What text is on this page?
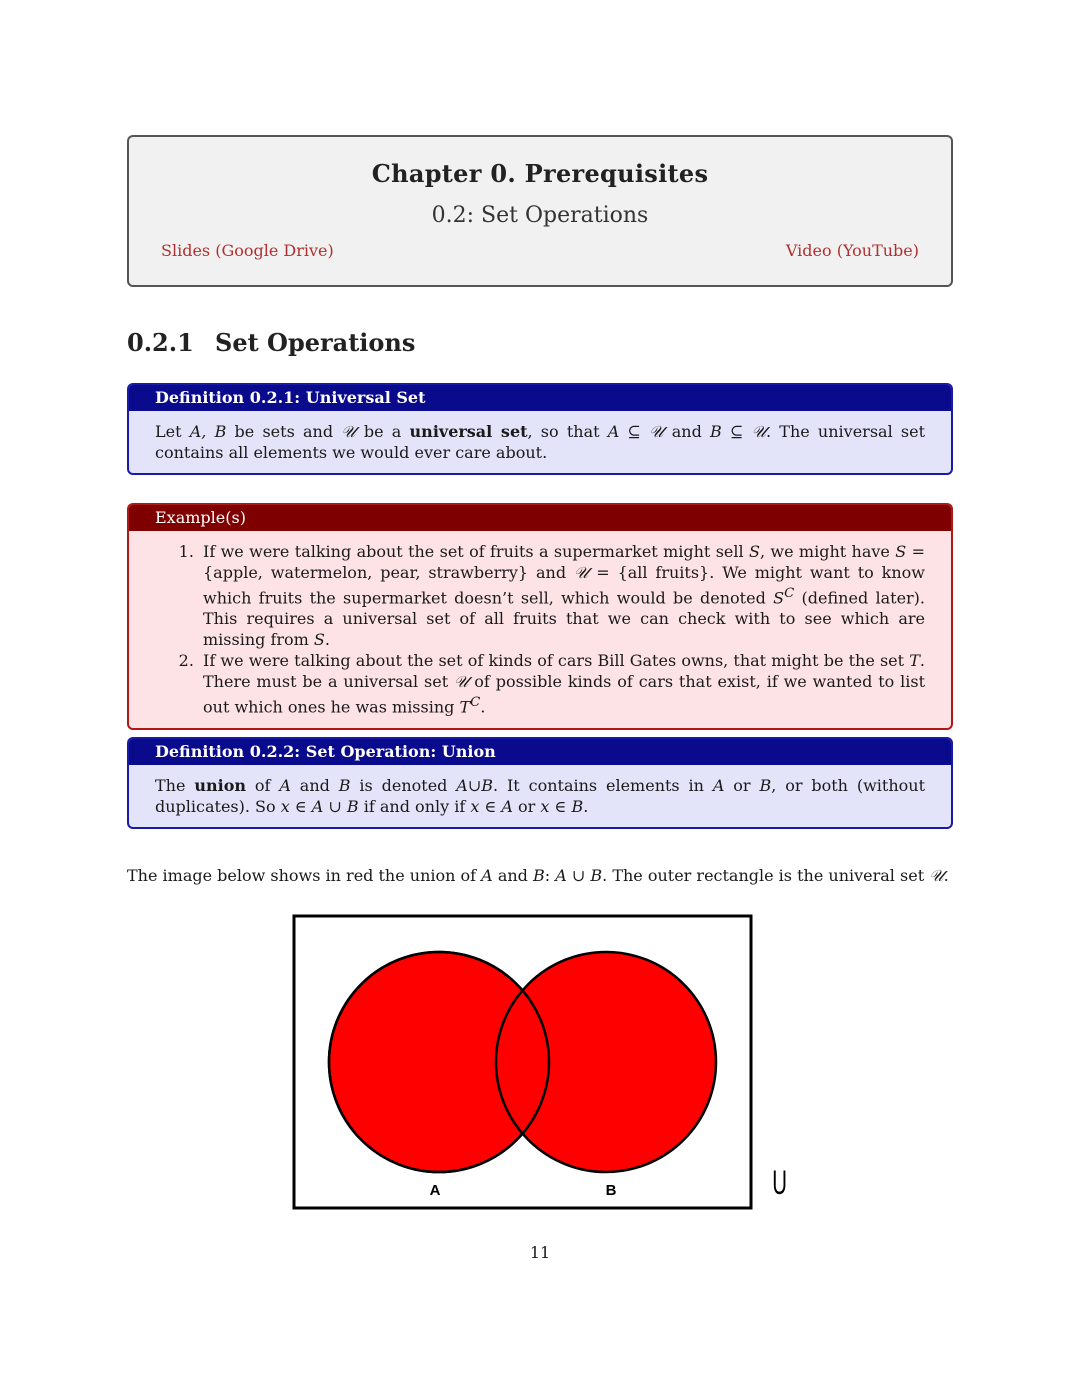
Chapter 0. Prerequisites
0.2: Set Operations
Slides (Google Drive)	Video (YouTube)
0.2.1 Set Operations
Definition 0.2.1: Universal Set
Let A, B be sets and 𝒰 be a universal set, so that A ⊆ 𝒰 and B ⊆ 𝒰. The universal set contains all elements we would ever care about.
Example(s)
1. If we were talking about the set of fruits a supermarket might sell S, we might have S = {apple, watermelon, pear, strawberry} and 𝒰 = {all fruits}. We might want to know which fruits the supermarket doesn’t sell, which would be denoted $S^C$ (defined later). This requires a universal set of all fruits that we can check with to see which are missing from S.
2. If we were talking about the set of kinds of cars Bill Gates owns, that might be the set T. There must be a universal set 𝒰 of possible kinds of cars that exist, if we wanted to list out which ones he was missing $T^C$.
Definition 0.2.2: Set Operation: Union
The union of A and B is denoted A∪B. It contains elements in A or B, or both (without duplicates). So x ∈ A ∪ B if and only if x ∈ A or x ∈ B.
The image below shows in red the union of A and B: A ∪ B. The outer rectangle is the univeral set 𝒰.
A	B	U
11
